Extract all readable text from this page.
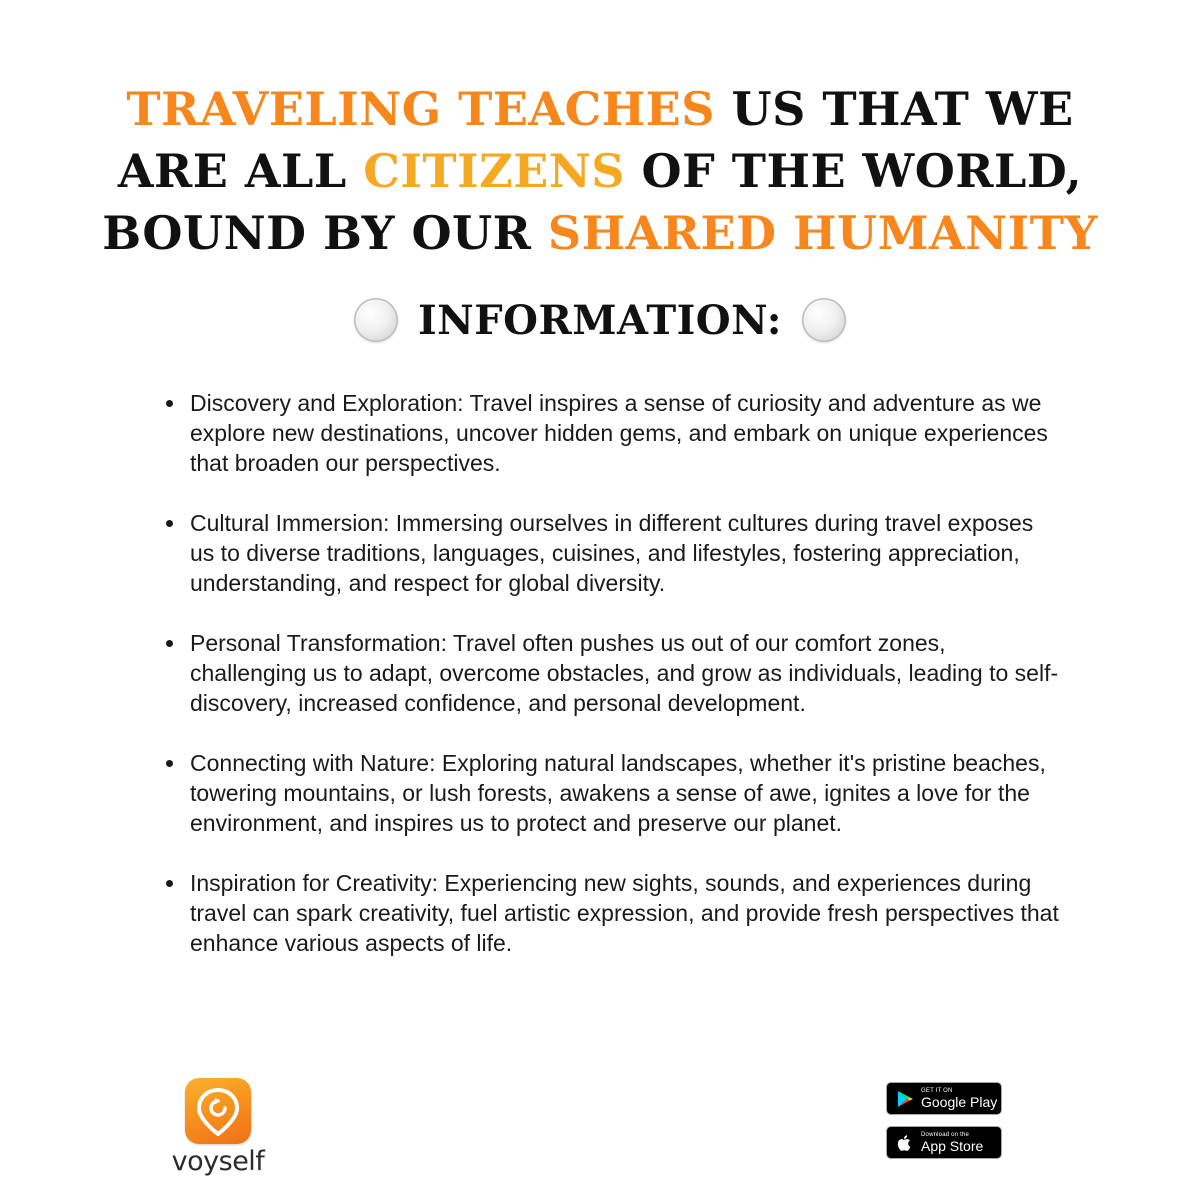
TRAVELING TEACHES US THAT WE ARE ALL CITIZENS OF THE WORLD, BOUND BY OUR SHARED HUMANITY
INFORMATION:
Discovery and Exploration: Travel inspires a sense of curiosity and adventure as we explore new destinations, uncover hidden gems, and embark on unique experiences that broaden our perspectives.
Cultural Immersion: Immersing ourselves in different cultures during travel exposes us to diverse traditions, languages, cuisines, and lifestyles, fostering appreciation, understanding, and respect for global diversity.
Personal Transformation: Travel often pushes us out of our comfort zones, challenging us to adapt, overcome obstacles, and grow as individuals, leading to self-discovery, increased confidence, and personal development.
Connecting with Nature: Exploring natural landscapes, whether it's pristine beaches, towering mountains, or lush forests, awakens a sense of awe, ignites a love for the environment, and inspires us to protect and preserve our planet.
Inspiration for Creativity: Experiencing new sights, sounds, and experiences during travel can spark creativity, fuel artistic expression, and provide fresh perspectives that enhance various aspects of life.
voyself
GET IT ON
Google Play
Download on the
App Store
